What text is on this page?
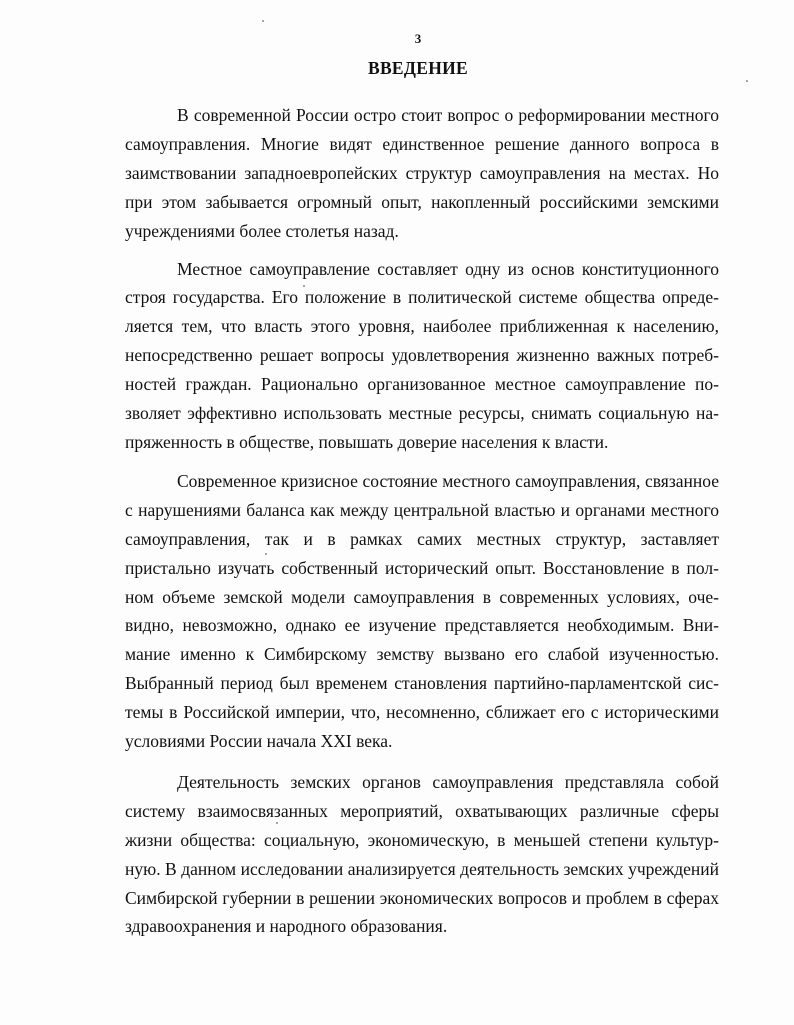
3
ВВЕДЕНИЕ

В современной России остро стоит вопрос о реформировании местного самоуправления. Многие видят единственное решение данного вопроса в заимствовании западноевропейских структур самоуправления на местах. Но при этом забывается огромный опыт, накопленный российскими земскими учреждениями более столетья назад.

Местное самоуправление составляет одну из основ конституционного строя государства. Его положение в политической системе общества определяется тем, что власть этого уровня, наиболее приближенная к населению, непосредственно решает вопросы удовлетворения жизненно важных потребностей граждан. Рационально организованное местное самоуправление позволяет эффективно использовать местные ресурсы, снимать социальную напряженность в обществе, повышать доверие населения к власти.

Современное кризисное состояние местного самоуправления, связанное с нарушениями баланса как между центральной властью и органами местного самоуправления, так и в рамках самих местных структур, заставляет пристально изучать собственный исторический опыт. Восстановление в полном объеме земской модели самоуправления в современных условиях, очевидно, невозможно, однако ее изучение представляется необходимым. Внимание именно к Симбирскому земству вызвано его слабой изученностью. Выбранный период был временем становления партийно-парламентской системы в Российской империи, что, несомненно, сближает его с историческими условиями России начала XXI века.

Деятельность земских органов самоуправления представляла собой систему взаимосвязанных мероприятий, охватывающих различные сферы жизни общества: социальную, экономическую, в меньшей степени культурную. В данном исследовании анализируется деятельность земских учреждений Симбирской губернии в решении экономических вопросов и проблем в сферах здравоохранения и народного образования.
